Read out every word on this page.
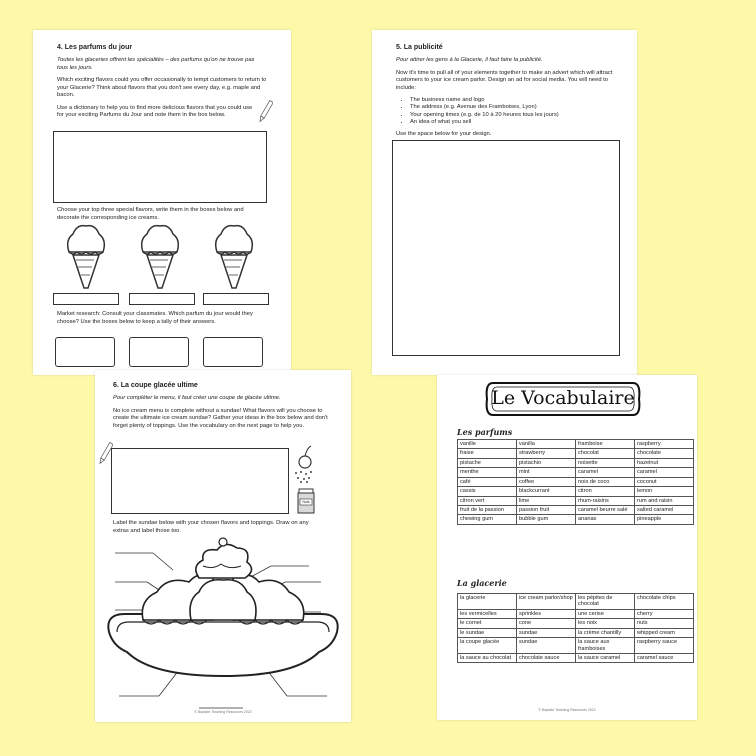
4. Les parfums du jour
Toutes les glaceries offrent les spécialités – des parfums qu'on ne trouve pas tous les jours.
Which exciting flavors could you offer occasionally to tempt customers to return to your Glacerie? Think about flavors that you don't see every day, e.g. maple and bacon.
Use a dictionary to help you to find more delicious flavors that you could use for your exciting Parfums du Jour and note them in the box below.
Choose your top three special flavors, write them in the boxes below and decorate the corresponding ice creams.
Market research: Consult your classmates. Which parfum du jour would they choose? Use the boxes below to keep a tally of their answers.
5. La publicité
Pour attirer les gens à la Glacerie, il faut faire la publicité.
Now it's time to pull all of your elements together to make an advert which will attract customers to your ice cream parlor. Design an ad for social media. You will need to include:
• The business name and logo
• The address (e.g. Avenue des Framboises, Lyon)
• Your opening times (e.g. de 10 à 20 heures tous les jours)
• An idea of what you sell
Use the space below for your design.
6. La coupe glacée ultime
Pour compléter le menu, il faut créer une coupe de glacée ultime.
No ice cream menu is complete without a sundae! What flavors will you choose to create the ultimate ice cream sundae? Gather your ideas in the box below and don't forget plenty of toppings. Use the vocabulary on the next page to help you.
Nuts
Label the sundae below with your chosen flavors and toppings. Draw on any extras and label those too.
© Bayside Teaching Resources 2022
Le Vocabulaire
Les parfums
vanille	vanilla	framboise	raspberry
fraise	strawberry	chocolat	chocolate
pistache	pistachio	noisette	hazelnut
menthe	mint	caramel	caramel
café	coffee	noix de coco	coconut
cassis	blackcurrant	citron	lemon
citron vert	lime	rhum-raisins	rum and raisin
fruit de la passion	passion fruit	caramel beurre salé	salted caramel
chewing gum	bubble gum	ananas	pineapple
La glacerie
la glacerie	ice cream parlor/shop	les pépites de chocolat	chocolate chips
les vermicelles	sprinkles	une cerise	cherry
le cornet	cone	les noix	nuts
le sundae	sundae	la crème chantilly	whipped cream
la coupe glacée	sundae	la sauce aux framboises	raspberry sauce
la sauce au chocolat	chocolate sauce	la sauce caramel	caramel sauce
© Bayside Teaching Resources 2022
